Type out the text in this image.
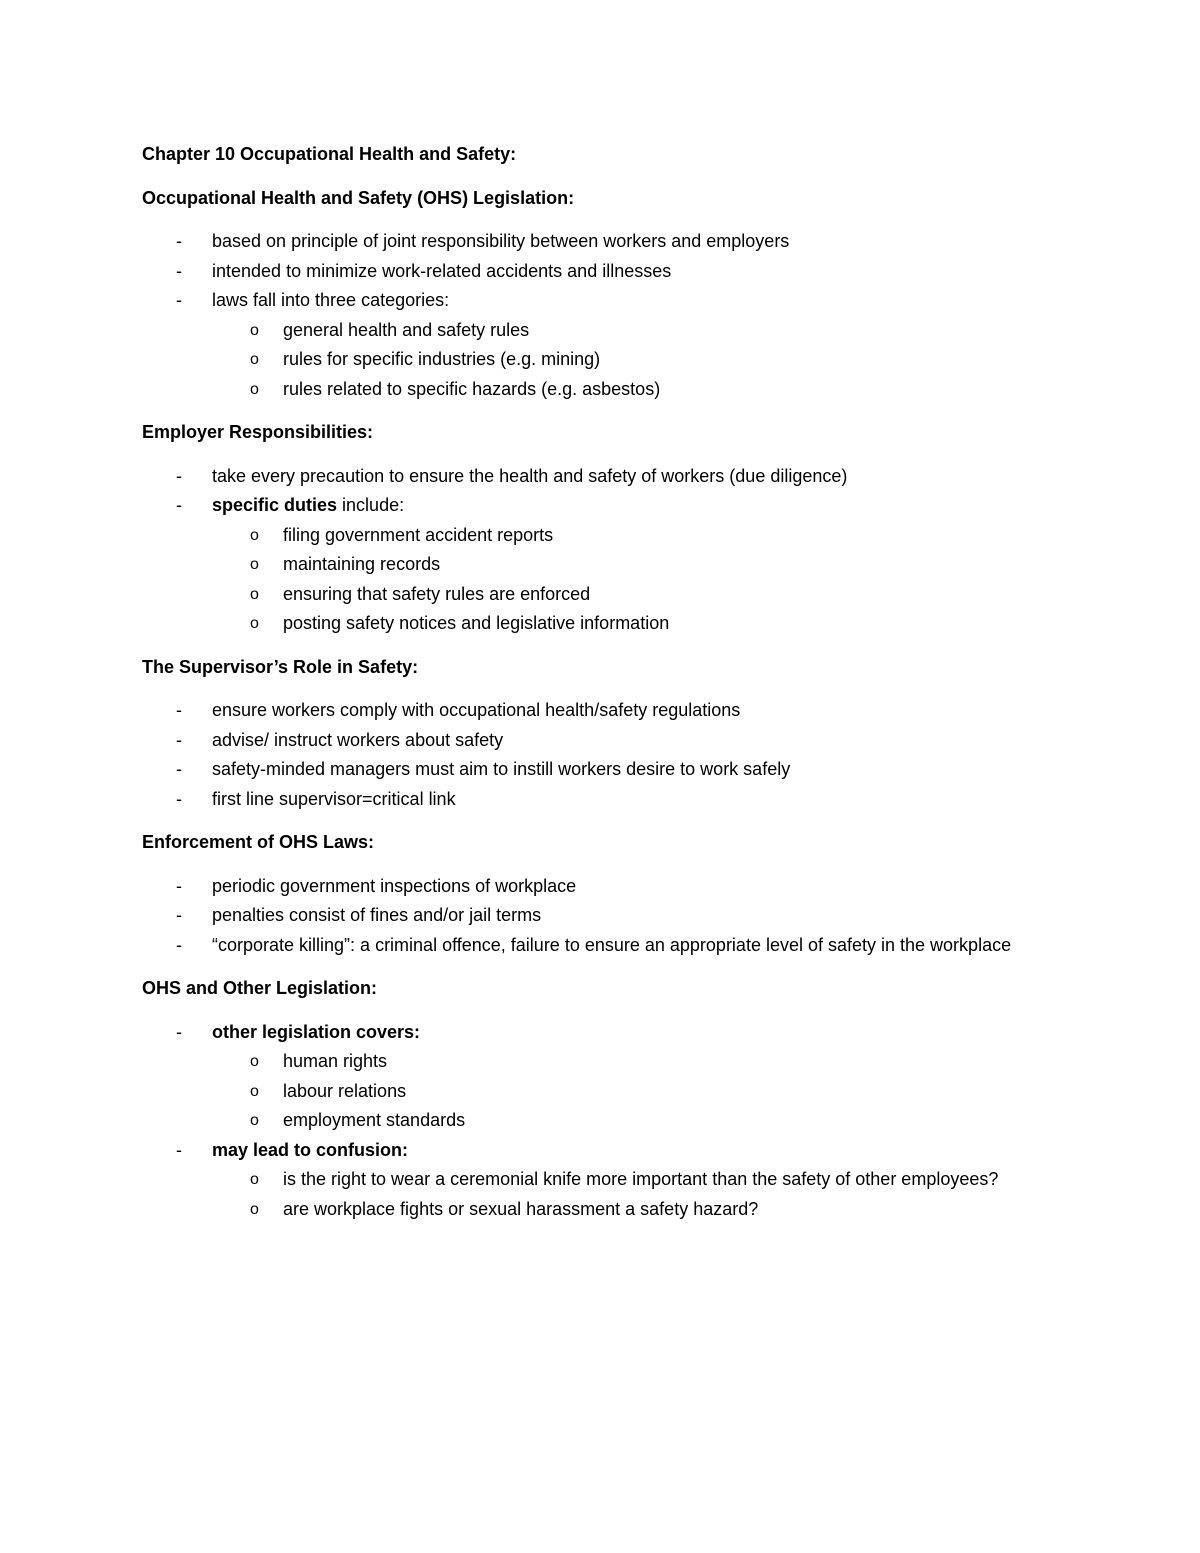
Chapter 10 Occupational Health and Safety:
Occupational Health and Safety (OHS) Legislation:
- based on principle of joint responsibility between workers and employers
- intended to minimize work-related accidents and illnesses
- laws fall into three categories:
o general health and safety rules
o rules for specific industries (e.g. mining)
o rules related to specific hazards (e.g. asbestos)
Employer Responsibilities:
- take every precaution to ensure the health and safety of workers (due diligence)
- specific duties include:
o filing government accident reports
o maintaining records
o ensuring that safety rules are enforced
o posting safety notices and legislative information
The Supervisor’s Role in Safety:
- ensure workers comply with occupational health/safety regulations
- advise/ instruct workers about safety
- safety-minded managers must aim to instill workers desire to work safely
- first line supervisor=critical link
Enforcement of OHS Laws:
- periodic government inspections of workplace
- penalties consist of fines and/or jail terms
- “corporate killing”: a criminal offence, failure to ensure an appropriate level of safety in the workplace
OHS and Other Legislation:
- other legislation covers:
o human rights
o labour relations
o employment standards
- may lead to confusion:
o is the right to wear a ceremonial knife more important than the safety of other employees?
o are workplace fights or sexual harassment a safety hazard?
